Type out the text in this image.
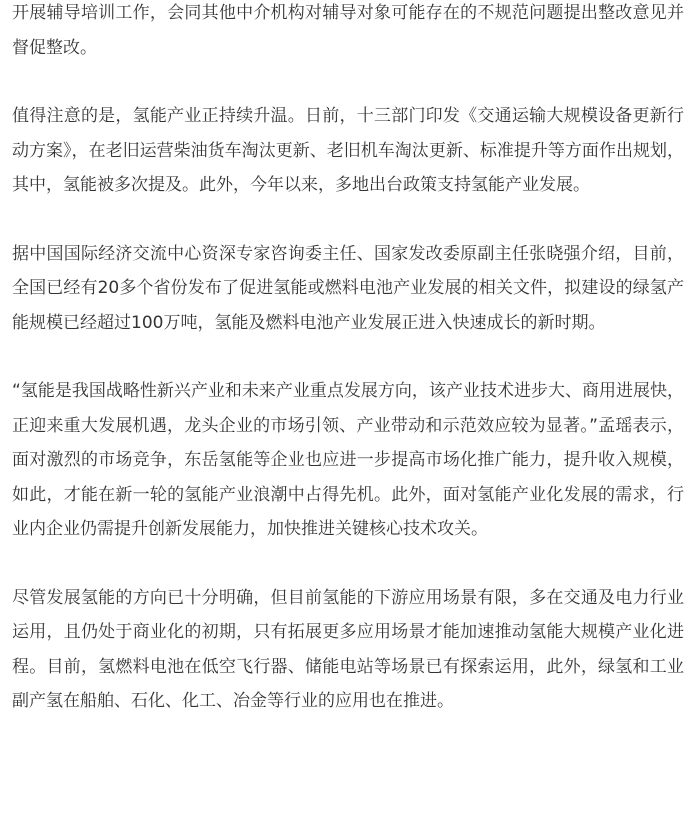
开展辅导培训工作，会同其他中介机构对辅导对象可能存在的不规范问题提出整改意见并督促整改。

值得注意的是，氢能产业正持续升温。日前，十三部门印发《交通运输大规模设备更新行动方案》，在老旧运营柴油货车淘汰更新、老旧机车淘汰更新、标准提升等方面作出规划，其中，氢能被多次提及。此外，今年以来，多地出台政策支持氢能产业发展。

据中国国际经济交流中心资深专家咨询委主任、国家发改委原副主任张晓强介绍，目前，全国已经有20多个省份发布了促进氢能或燃料电池产业发展的相关文件，拟建设的绿氢产能规模已经超过100万吨，氢能及燃料电池产业发展正进入快速成长的新时期。

“氢能是我国战略性新兴产业和未来产业重点发展方向，该产业技术进步大、商用进展快，正迎来重大发展机遇，龙头企业的市场引领、产业带动和示范效应较为显著。”孟瑶表示，面对激烈的市场竞争，东岳氢能等企业也应进一步提高市场化推广能力，提升收入规模，如此，才能在新一轮的氢能产业浪潮中占得先机。此外，面对氢能产业化发展的需求，行业内企业仍需提升创新发展能力，加快推进关键核心技术攻关。

尽管发展氢能的方向已十分明确，但目前氢能的下游应用场景有限，多在交通及电力行业运用，且仍处于商业化的初期，只有拓展更多应用场景才能加速推动氢能大规模产业化进程。目前，氢燃料电池在低空飞行器、储能电站等场景已有探索运用，此外，绿氢和工业副产氢在船舶、石化、化工、冶金等行业的应用也在推进。
